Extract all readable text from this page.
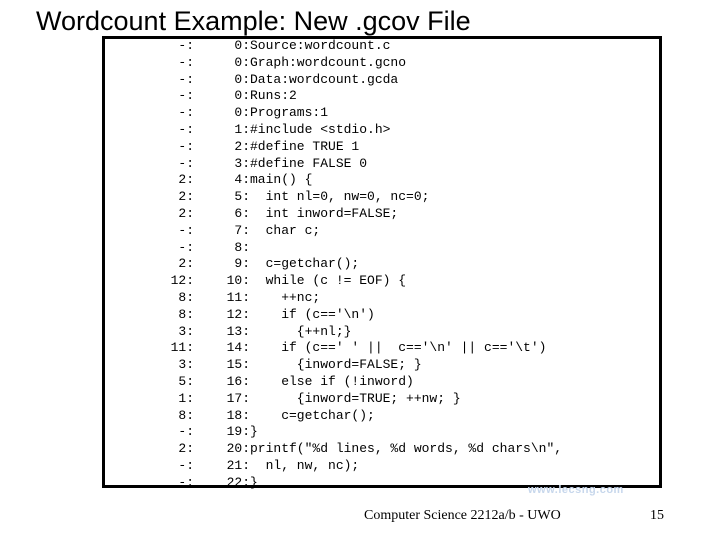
Wordcount Example: New .gcov File
-:	0: Source:wordcount.c
-:	0: Graph:wordcount.gcno
-:	0: Data:wordcount.gcda
-:	0: Runs:2
-:	0: Programs:1
-:	1: #include <stdio.h>
-:	2: #define TRUE 1
-:	3: #define FALSE 0
2:	4: main() {
2:	5: int nl=0, nw=0, nc=0;
2:	6: int inword=FALSE;
-:	7: char c;
-:	8:
2:	9: c=getchar();
12:	10: while (c != EOF) {
8:	11: ++nc;
8:	12: if (c=='\n')
3:	13: {++nl;}
11:	14: if (c==' ' ||  c=='\n' || c=='\t')
3:	15: {inword=FALSE; }
5:	16: else if (!inword)
1:	17: {inword=TRUE; ++nw; }
8:	18: c=getchar();
-:	19: }
2:	20: printf("%d lines, %d words, %d chars\n",
-:	21: nl, nw, nc);
-:	22: }
www.lecsng.com
Computer Science 2212a/b - UWO	15
